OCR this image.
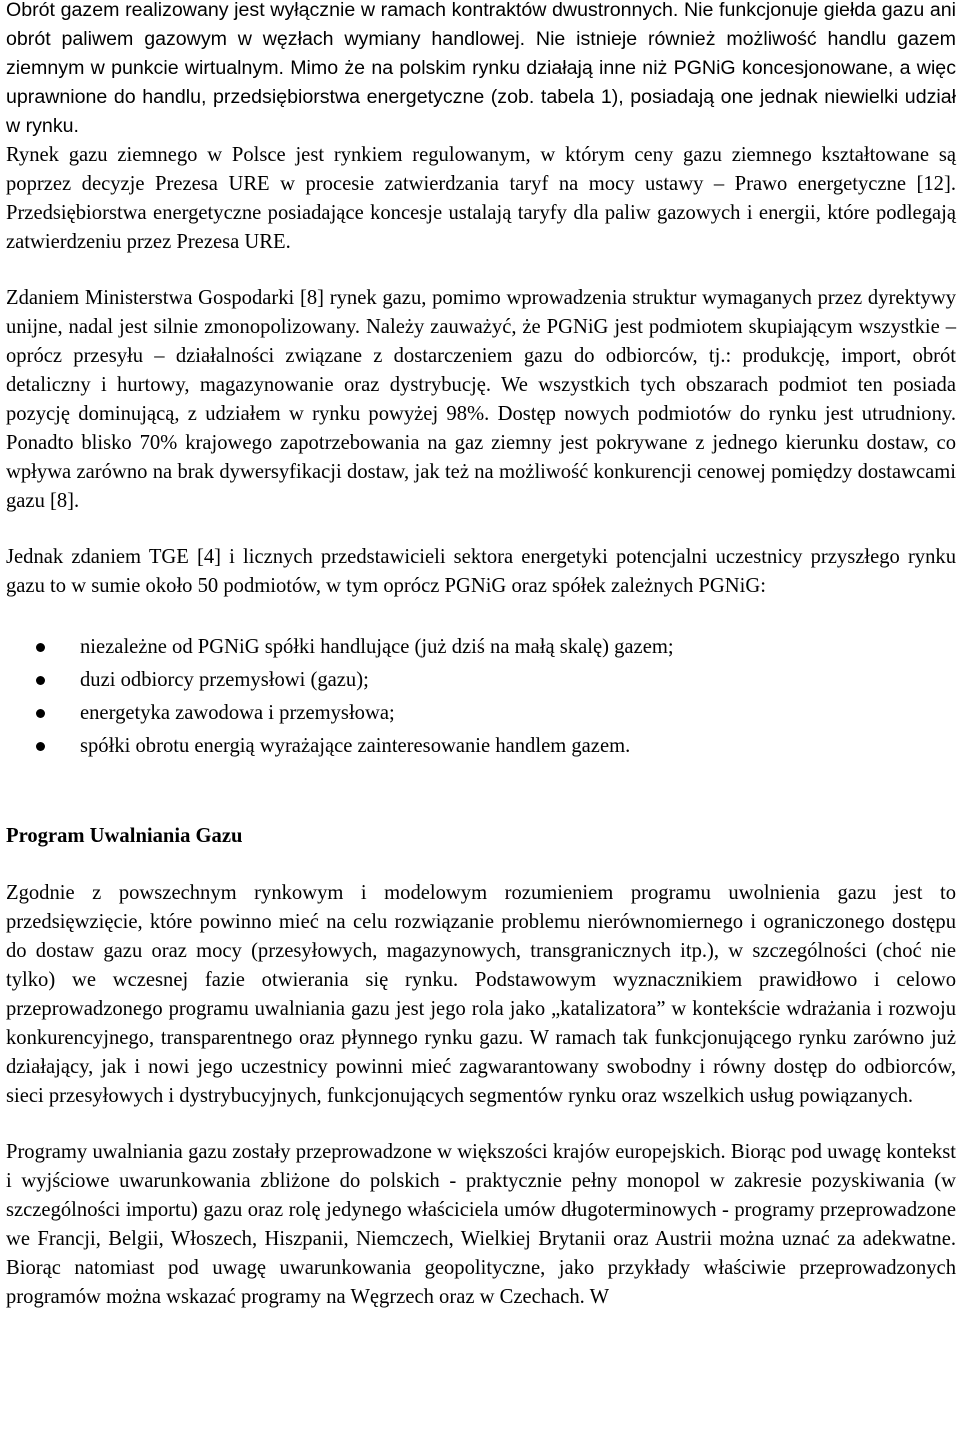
Obrót gazem realizowany jest wyłącznie w ramach kontraktów dwustronnych. Nie funkcjonuje giełda gazu ani obrót paliwem gazowym w węzłach wymiany handlowej. Nie istnieje również możliwość handlu gazem ziemnym w punkcie wirtualnym. Mimo że na polskim rynku działają inne niż PGNiG koncesjonowane, a więc uprawnione do handlu, przedsiębiorstwa energetyczne (zob. tabela 1), posiadają one jednak niewielki udział w rynku.

Rynek gazu ziemnego w Polsce jest rynkiem regulowanym, w którym ceny gazu ziemnego kształtowane są poprzez decyzje Prezesa URE w procesie zatwierdzania taryf na mocy ustawy – Prawo energetyczne [12]. Przedsiębiorstwa energetyczne posiadające koncesje ustalają taryfy dla paliw gazowych i energii, które podlegają zatwierdzeniu przez Prezesa URE.

Zdaniem Ministerstwa Gospodarki [8] rynek gazu, pomimo wprowadzenia struktur wymaganych przez dyrektywy unijne, nadal jest silnie zmonopolizowany. Należy zauważyć, że PGNiG jest podmiotem skupiającym wszystkie – oprócz przesyłu – działalności związane z dostarczeniem gazu do odbiorców, tj.: produkcję, import, obrót detaliczny i hurtowy, magazynowanie oraz dystrybucję. We wszystkich tych obszarach podmiot ten posiada pozycję dominującą, z udziałem w rynku powyżej 98%. Dostęp nowych podmiotów do rynku jest utrudniony. Ponadto blisko 70% krajowego zapotrzebowania na gaz ziemny jest pokrywane z jednego kierunku dostaw, co wpływa zarówno na brak dywersyfikacji dostaw, jak też na możliwość konkurencji cenowej pomiędzy dostawcami gazu [8].

Jednak zdaniem TGE [4] i licznych przedstawicieli sektora energetyki potencjalni uczestnicy przyszłego rynku gazu to w sumie około 50 podmiotów, w tym oprócz PGNiG oraz spółek zależnych PGNiG:

niezależne od PGNiG spółki handlujące (już dziś na małą skalę) gazem;
duzi odbiorcy przemysłowi (gazu);
energetyka zawodowa i przemysłowa;
spółki obrotu energią wyrażające zainteresowanie handlem gazem.

Program Uwalniania Gazu

Zgodnie z powszechnym rynkowym i modelowym rozumieniem programu uwolnienia gazu jest to przedsięwzięcie, które powinno mieć na celu rozwiązanie problemu nierównomiernego i ograniczonego dostępu do dostaw gazu oraz mocy (przesyłowych, magazynowych, transgranicznych itp.), w szczególności (choć nie tylko) we wczesnej fazie otwierania się rynku. Podstawowym wyznacznikiem prawidłowo i celowo przeprowadzonego programu uwalniania gazu jest jego rola jako „katalizatora” w kontekście wdrażania i rozwoju konkurencyjnego, transparentnego oraz płynnego rynku gazu. W ramach tak funkcjonującego rynku zarówno już działający, jak i nowi jego uczestnicy powinni mieć zagwarantowany swobodny i równy dostęp do odbiorców, sieci przesyłowych i dystrybucyjnych, funkcjonujących segmentów rynku oraz wszelkich usług powiązanych.

Programy uwalniania gazu zostały przeprowadzone w większości krajów europejskich. Biorąc pod uwagę kontekst i wyjściowe uwarunkowania zbliżone do polskich - praktycznie pełny monopol w zakresie pozyskiwania (w szczególności importu) gazu oraz rolę jedynego właściciela umów długoterminowych - programy przeprowadzone we Francji, Belgii, Włoszech, Hiszpanii, Niemczech, Wielkiej Brytanii oraz Austrii można uznać za adekwatne. Biorąc natomiast pod uwagę uwarunkowania geopolityczne, jako przykłady właściwie przeprowadzonych programów można wskazać programy na Węgrzech oraz w Czechach. W
